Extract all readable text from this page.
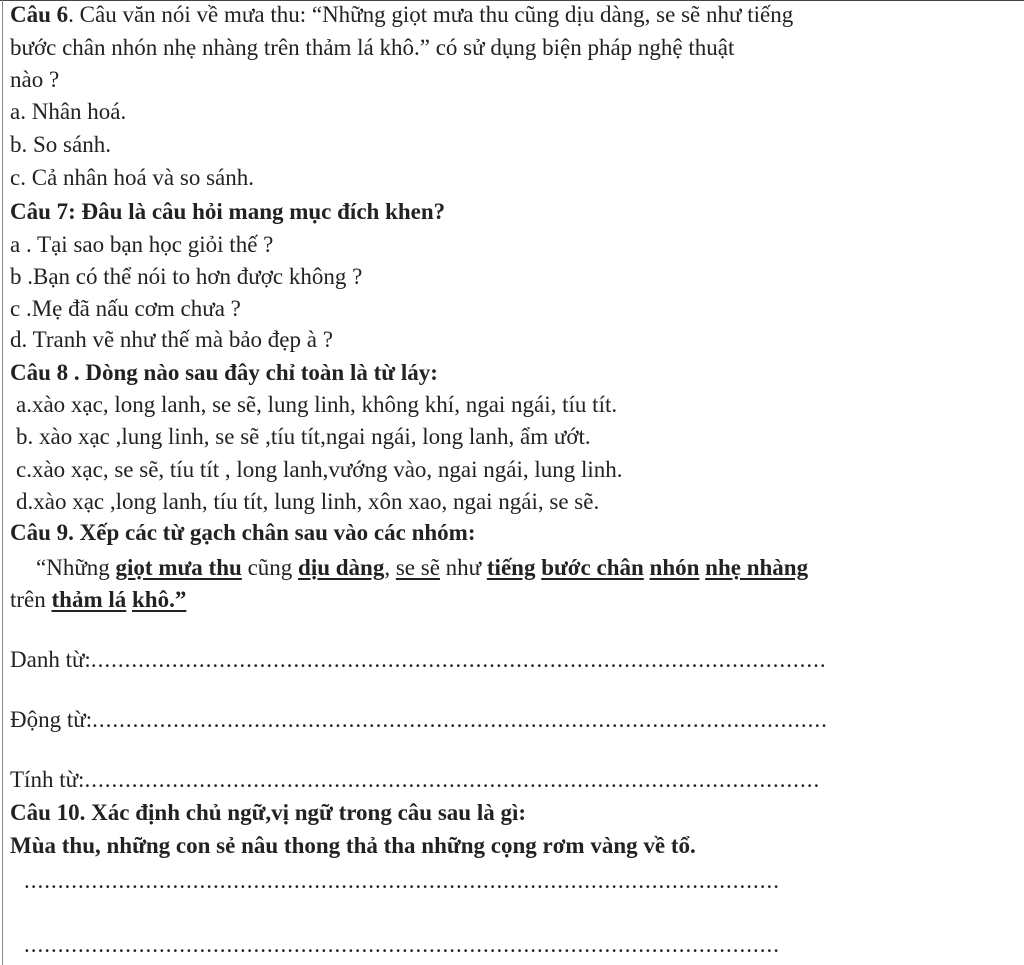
Câu 6. Câu văn nói về mưa thu: “Những giọt mưa thu cũng dịu dàng, se sẽ như tiếng
bước chân nhón nhẹ nhàng trên thảm lá khô.” có sử dụng biện pháp nghệ thuật
nào ?
a. Nhân hoá.
b. So sánh.
c. Cả nhân hoá và so sánh.
Câu 7: Đâu là câu hỏi mang mục đích khen?
a . Tại sao bạn học giỏi thế ?
b .Bạn có thể nói to hơn được không ?
c .Mẹ đã nấu cơm chưa ?
d. Tranh vẽ như thế mà bảo đẹp à ?
Câu 8 . Dòng nào sau đây chỉ toàn là từ láy:
a.xào xạc, long lanh, se sẽ, lung linh, không khí, ngai ngái, tíu tít.
b. xào xạc ,lung linh, se sẽ ,tíu tít,ngai ngái, long lanh, ẩm ướt.
c.xào xạc, se sẽ, tíu tít , long lanh,vướng vào, ngai ngái, lung linh.
d.xào xạc ,long lanh, tíu tít, lung linh, xôn xao, ngai ngái, se sẽ.
Câu 9. Xếp các từ gạch chân sau vào các nhóm:
“Những giọt mưa thu cũng dịu dàng, se sẽ như tiếng bước chân nhón nhẹ nhàng
trên thảm lá khô.”
Danh từ:.............................................................................................................
Động từ:.............................................................................................................
Tính từ:.............................................................................................................
Câu 10. Xác định chủ ngữ,vị ngữ trong câu sau là gì:
Mùa thu, những con sẻ nâu thong thả tha những cọng rơm vàng về tổ.
................................................................................................................
................................................................................................................
